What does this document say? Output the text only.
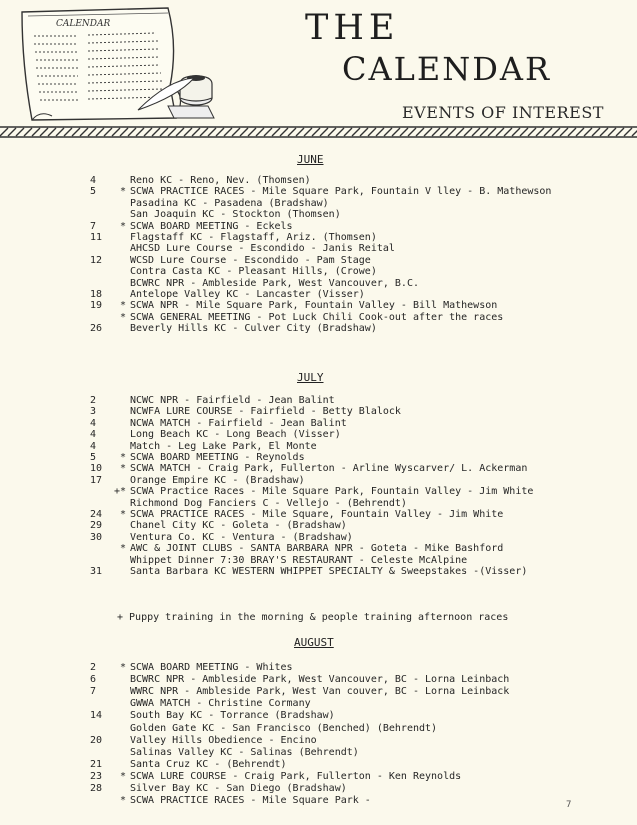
CALENDAR	THE
CALENDAR
EVENTS OF INTEREST
JUNE
4	Reno KC - Reno, Nev. (Thomsen)
5	* SCWA PRACTICE RACES - Mile Square Park, Fountain V lley - B. Mathewson
Pasadina KC - Pasadena (Bradshaw)
San Joaquin KC - Stockton (Thomsen)
7	* SCWA BOARD MEETING - Eckels
11	Flagstaff KC - Flagstaff, Ariz. (Thomsen)
AHCSD Lure Course - Escondido - Janis Reital
12	WCSD Lure Course - Escondido - Pam Stage
Contra Casta KC - Pleasant Hills, (Crowe)
BCWRC NPR - Ambleside Park, West Vancouver, B.C.
18	Antelope Valley KC - Lancaster (Visser)
19	* SCWA NPR - Mile Square Park, Fountain Valley - Bill Mathewson
* SCWA GENERAL MEETING - Pot Luck Chili Cook-out after the races
26	Beverly Hills KC - Culver City (Bradshaw)
JULY
2	NCWC NPR - Fairfield - Jean Balint
3	NCWFA LURE COURSE - Fairfield - Betty Blalock
4	NCWA MATCH - Fairfield - Jean Balint
4	Long Beach KC - Long Beach (Visser)
4	Match - Leg Lake Park, El Monte
5	* SCWA BOARD MEETING - Reynolds
10	* SCWA MATCH - Craig Park, Fullerton - Arline Wyscarver/ L. Ackerman
17	Orange Empire KC - (Bradshaw)
+* SCWA Practice Races - Mile Square Park, Fountain Valley - Jim White
Richmond Dog Fanciers C - Vellejo - (Behrendt)
24	* SCWA PRACTICE RACES - Mile Square, Fountain Valley - Jim White
29	Chanel City KC - Goleta - (Bradshaw)
30	Ventura Co. KC - Ventura - (Bradshaw)
* AWC & JOINT CLUBS - SANTA BARBARA NPR - Goteta - Mike Bashford
Whippet Dinner 7:30 BRAY'S RESTAURANT - Celeste McAlpine
31	Santa Barbara KC WESTERN WHIPPET SPECIALTY & Sweepstakes -(Visser)
+ Puppy training in the morning & people training afternoon races
AUGUST
2	* SCWA BOARD MEETING - Whites
6	BCWRC NPR - Ambleside Park, West Vancouver, BC - Lorna Leinbach
7	WWRC NPR - Ambleside Park, West Van couver, BC - Lorna Leinback
GWWA MATCH - Christine Cormany
14	South Bay KC - Torrance (Bradshaw)
Golden Gate KC - San Francisco (Benched) (Behrendt)
20	Valley Hills Obedience - Encino
Salinas Valley KC - Salinas (Behrendt)
21	Santa Cruz KC - (Behrendt)
23	* SCWA LURE COURSE - Craig Park, Fullerton - Ken Reynolds
28	Silver Bay KC - San Diego (Bradshaw)
* SCWA PRACTICE RACES - Mile Square Park -	7
